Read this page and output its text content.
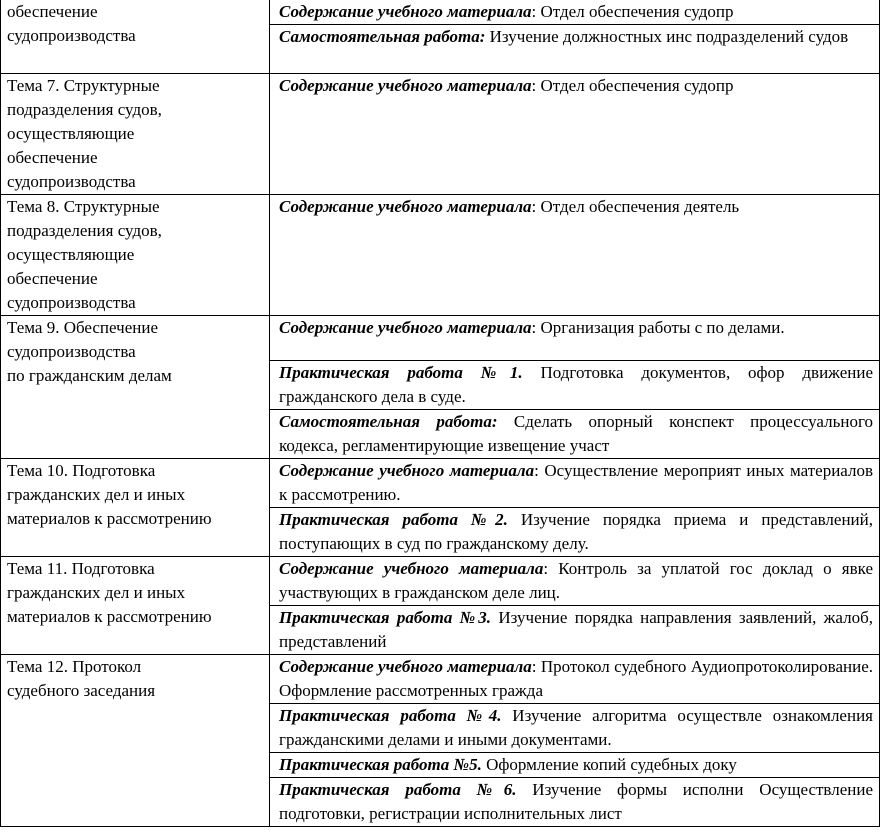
обеспечение
судопроизводства	Содержание учебного материала: Отдел обеспечения судопр
	Самостоятельная работа: Изучение должностных инс подразделений судов
Тема 7. Структурные
подразделения судов,
осуществляющие
обеспечение
судопроизводства	Содержание учебного материала: Отдел обеспечения судопр
Тема 8. Структурные
подразделения судов,
осуществляющие
обеспечение
судопроизводства	Содержание учебного материала: Отдел обеспечения деятель
Тема 9. Обеспечение
судопроизводства
по гражданским делам	Содержание учебного материала: Организация работы с по делами.
	Практическая работа №1. Подготовка документов, офор движение гражданского дела в суде.
	Самостоятельная работа: Сделать опорный конспект процессуального кодекса, регламентирующие извещение участ
Тема 10. Подготовка
гражданских дел и иных
материалов к рассмотрению	Содержание учебного материала: Осуществление мероприят иных материалов к рассмотрению.
	Практическая работа №2. Изучение порядка приема и представлений, поступающих в суд по гражданскому делу.
Тема 11. Подготовка
гражданских дел и иных
материалов к рассмотрению	Содержание учебного материала: Контроль за уплатой гос доклад о явке участвующих в гражданском деле лиц.
	Практическая работа №3. Изучение порядка направления заявлений, жалоб, представлений
Тема 12. Протокол
судебного заседания	Содержание учебного материала: Протокол судебного Аудиопротоколирование. Оформление рассмотренных гражда
	Практическая работа №4. Изучение алгоритма осуществле ознакомления гражданскими делами и иными документами.
	Практическая работа №5. Оформление копий судебных доку
	Практическая работа №6. Изучение формы исполни Осуществление подготовки, регистрации исполнительных лист
